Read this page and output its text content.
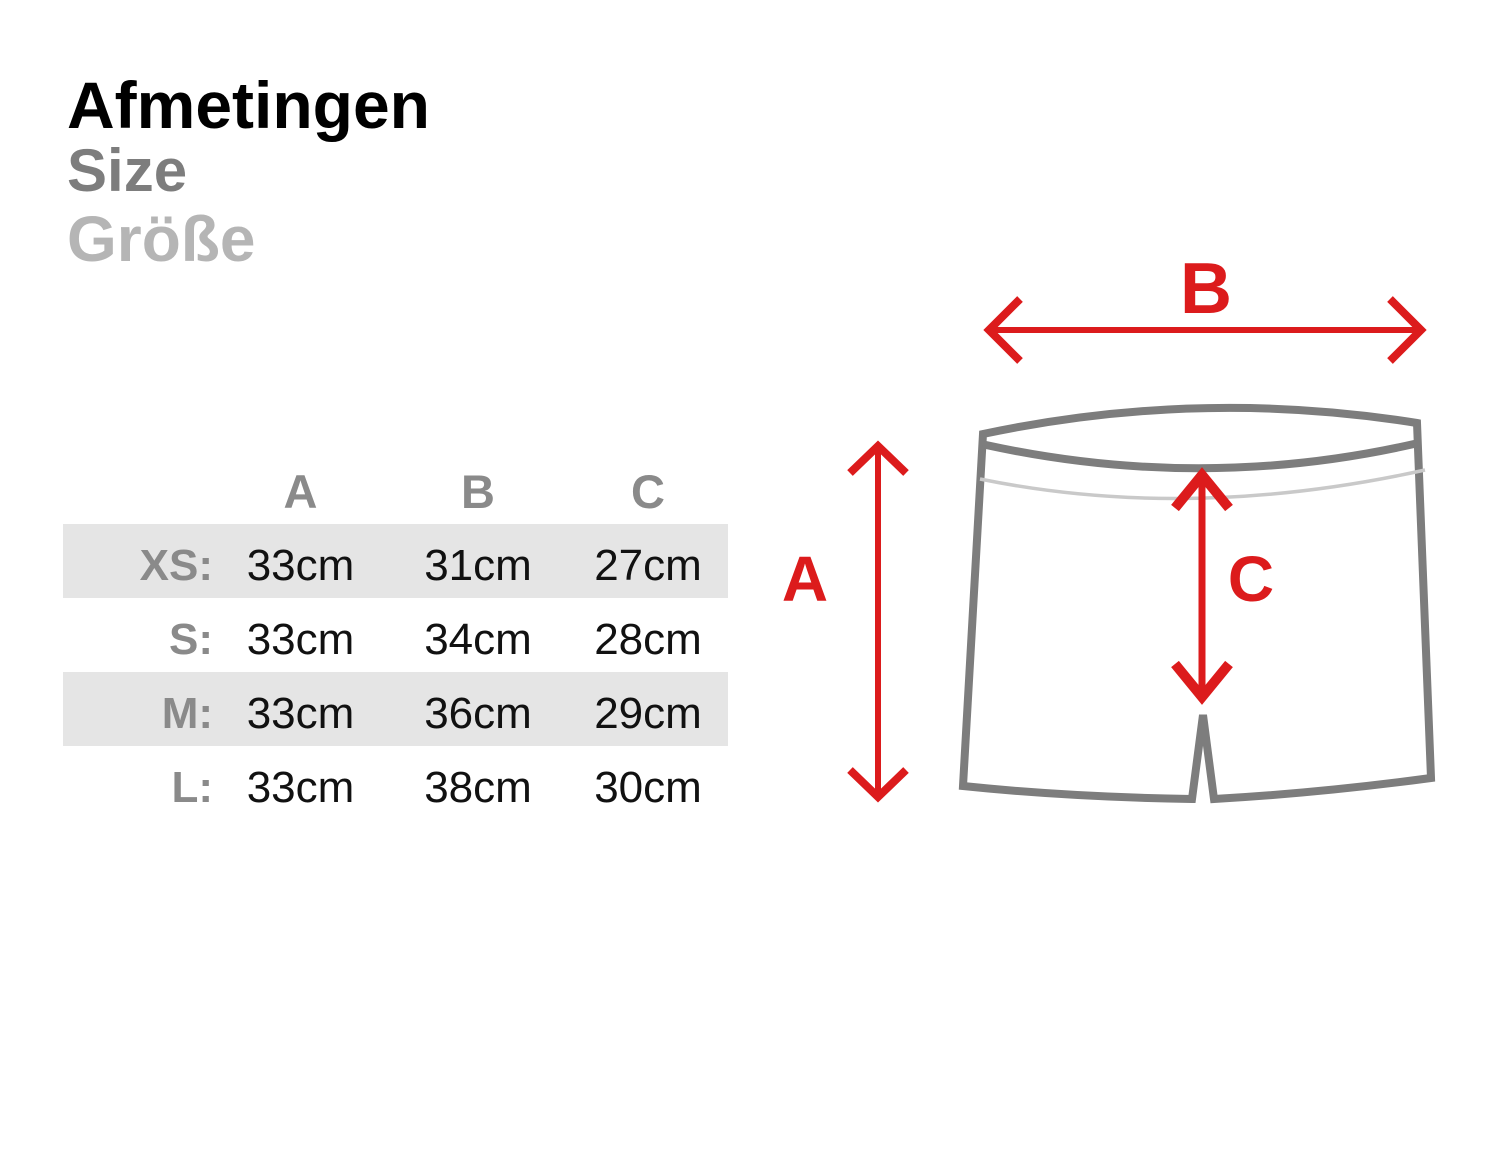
Afmetingen
Size
Größe
A	B	C
XS: 33cm	31cm	27cm
S: 33cm	34cm	28cm
M: 33cm	36cm	29cm
L: 33cm	38cm	30cm
B
A	C
